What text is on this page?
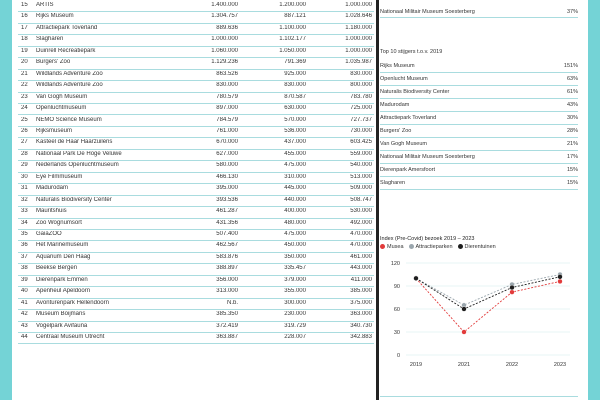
15	ARTIS	1.400.000	1.200.000	1.000.000
16	Rijks Museum	1.304.757	887.121	1.028.646
17	Attractiepark Toverland	889.636	1.100.000	1.180.000
18	Slagharen	1.000.000	1.102.177	1.000.000
19	Duinrell Recreatiepark	1.060.000	1.050.000	1.000.000
20	Burgers' Zoo	1.129.236	791.369	1.035.987
21	Wildlands Adventure Zoo	863.526	925.000	830.000
22	Wildlands Adventure Zoo	830.000	830.000	800.000
23	Van Gogh Museum	780.579	870.587	783.780
24	Openluchtmuseum	897.000	630.000	725.000
25	NEMO Science Museum	784.579	570.000	727.737
26	Rijksmuseum	761.000	536.000	730.000
27	Kasteel de Haar Haarzuilens	670.000	437.000	603.425
28	Nationaal Park De Hoge Veluwe	627.000	455.000	559.000
29	Nederlands Openluchtmuseum	580.000	475.000	540.000
30	Eye Filmmuseum	466.130	310.000	513.000
31	Madurodam	395.000	445.000	509.000
32	Naturalis Biodiversity Center	393.536	440.000	508.747
33	Mauritshuis	461.287	400.000	530.000
34	Zoo Wognumsort	431.356	480.000	492.000
35	GaiaZOO	507.400	475.000	470.000
36	Het Marinemuseum	462.567	450.000	470.000
37	Aquarium Den Haag	583.876	350.000	461.000
38	Beekse Bergen	388.897	335.457	443.000
39	Dierenpark Emmen	356.000	379.000	411.000
40	Apenheul Apeldoorn	313.000	355.000	385.000
41	Avonturenpark Hellendoorn	N.b.	300.000	375.000
42	Museum Boijmans	385.350	230.000	363.000
43	Vogelpark Avifauna	372.419	319.729	340.730
44	Centraal Museum Utrecht	363.887	228.007	342.883
Nationaal Militair Museum Soesterberg	37%
Top 10 stijgers t.o.v. 2019
Rijks Museum	151%
Openlucht Museum	63%
Naturalis Biodiversity Center	61%
Madurodam	43%
Attractiepark Toverland	30%
Burgers' Zoo	28%
Van Gogh Museum	21%
Nationaal Militair Museum Soesterberg	17%
Dierenpark Amersfoort	15%
Slagharen	15%
Index (Pre-Covid) bezoek 2019 – 2023
Musea Attractieparken Dierentuinen
0
30
60
90
120
2019	2021	2022	2023
